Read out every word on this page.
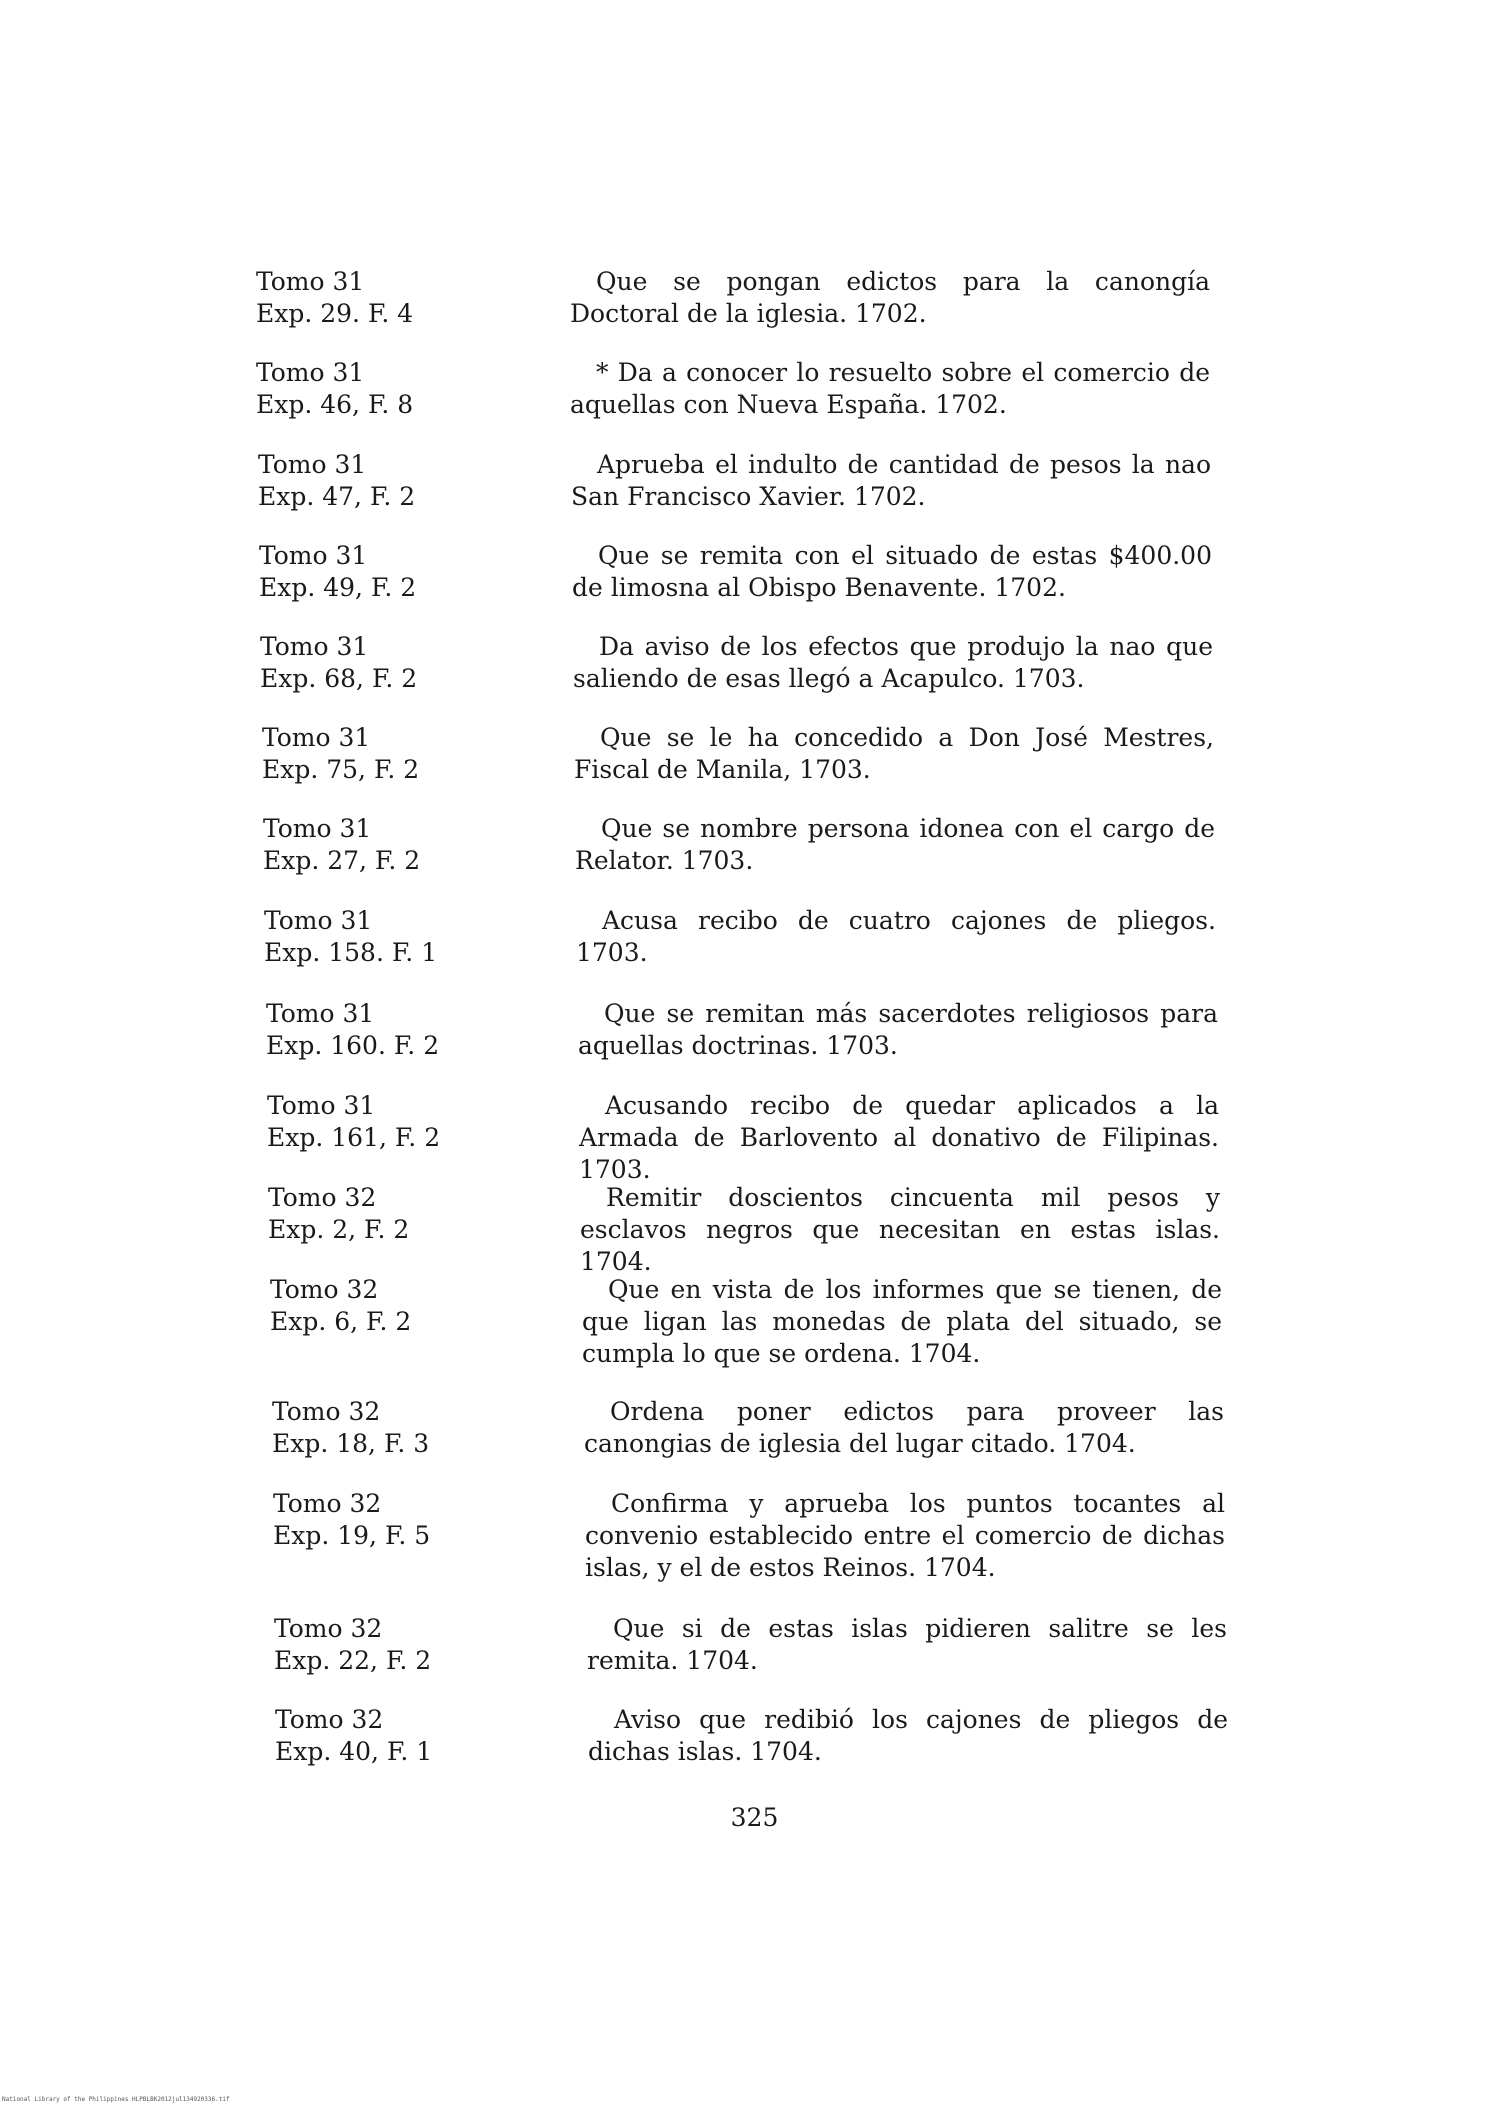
Tomo 31
Exp. 29. F. 4
Que se pongan edictos para la canongía Doctoral de la iglesia. 1702.
Tomo 31
Exp. 46, F. 8
* Da a conocer lo resuelto sobre el comercio de aquellas con Nueva España. 1702.
Tomo 31
Exp. 47, F. 2
Aprueba el indulto de cantidad de pesos la nao San Francisco Xavier. 1702.
Tomo 31
Exp. 49, F. 2
Que se remita con el situado de estas $400.00 de limosna al Obispo Benavente. 1702.
Tomo 31
Exp. 68, F. 2
Da aviso de los efectos que produjo la nao que saliendo de esas llegó a Acapulco. 1703.
Tomo 31
Exp. 75, F. 2
Que se le ha concedido a Don José Mestres, Fiscal de Manila, 1703.
Tomo 31
Exp. 27, F. 2
Que se nombre persona idonea con el cargo de Relator. 1703.
Tomo 31
Exp. 158. F. 1
Acusa recibo de cuatro cajones de pliegos. 1703.
Tomo 31
Exp. 160. F. 2
Que se remitan más sacerdotes religiosos para aquellas doctrinas. 1703.
Tomo 31
Exp. 161, F. 2
Acusando recibo de quedar aplicados a la Armada de Barlovento al donativo de Filipinas. 1703.
Tomo 32
Exp. 2, F. 2
Remitir doscientos cincuenta mil pesos y esclavos negros que necesitan en estas islas. 1704.
Tomo 32
Exp. 6, F. 2
Que en vista de los informes que se tienen, de que ligan las monedas de plata del situado, se cumpla lo que se ordena. 1704.
Tomo 32
Exp. 18, F. 3
Ordena poner edictos para proveer las canongias de iglesia del lugar citado. 1704.
Tomo 32
Exp. 19, F. 5
Confirma y aprueba los puntos tocantes al convenio establecido entre el comercio de dichas islas, y el de estos Reinos. 1704.
Tomo 32
Exp. 22, F. 2
Que si de estas islas pidieren salitre se les remita. 1704.
Tomo 32
Exp. 40, F. 1
Aviso que redibió los cajones de pliegos de dichas islas. 1704.
325
National Library of the Philippines HLPBLBK2012jul134920336.tif
